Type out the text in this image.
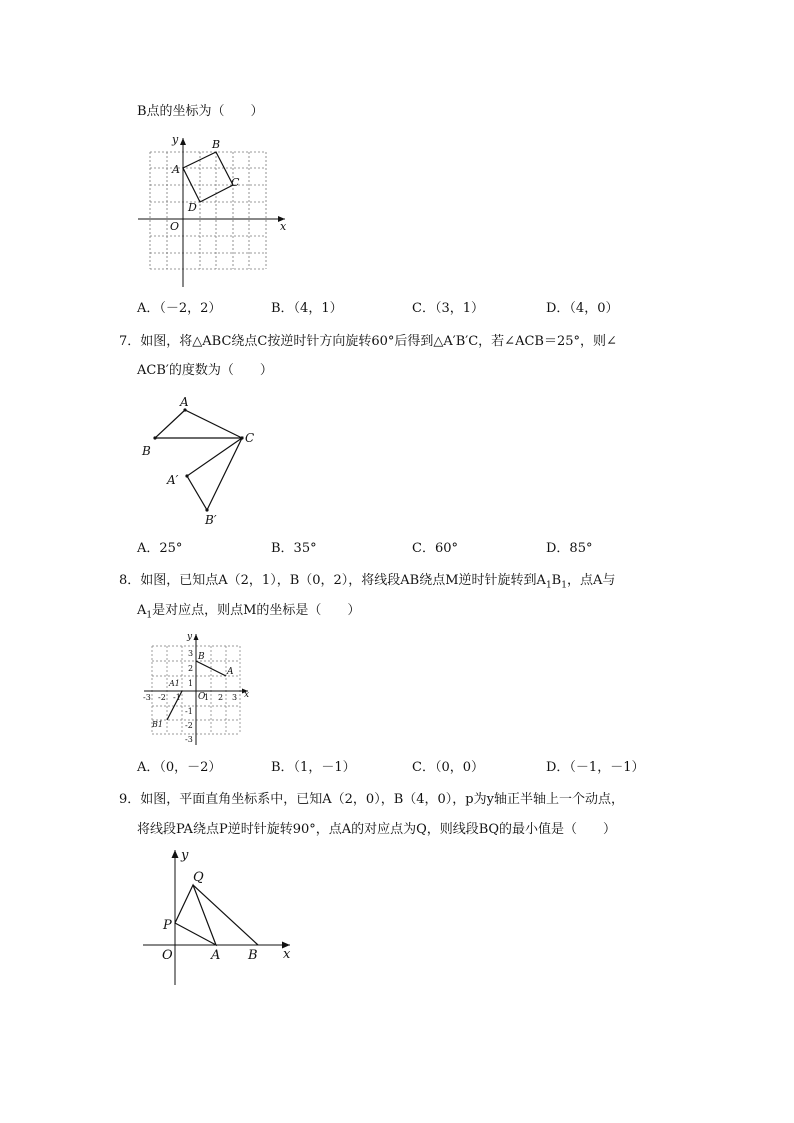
B点的坐标为（　　）
y
x
O
A
B
C
D
A．（－2，2）	B．（4，1）	C．（3，1）	D．（4，0）
7．如图，将△ABC绕点C按逆时针方向旋转60°后得到△A′B′C，若∠ACB＝25°，则∠
ACB′的度数为（　　）
A
B
C
A′
B′
A．25°	B．35°	C．60°	D．85°
8．如图，已知点A（2，1），B（0，2），将线段AB绕点M逆时针旋转到$A_1B_1$，点A与
$A_1$是对应点，则点M的坐标是（　　）
y
x
O
B
A
A1
B1
1 2 3
-1
-2
-3
1
2
3
-1
-2
-3
A．（0，－2）	B．（1，－1）	C．（0，0）	D．（－1，－1）
9．如图，平面直角坐标系中，已知A（2，0），B（4，0），p为y轴正半轴上一个动点，
将线段PA绕点P逆时针旋转90°，点A的对应点为Q，则线段BQ的最小值是（　　）
y
x
O
P
Q
A B
